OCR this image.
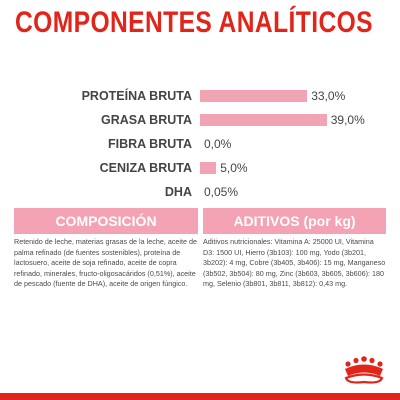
COMPONENTES ANALÍTICOS
PROTEÍNA BRUTA	33,0%
GRASA BRUTA	39,0%
FIBRA BRUTA 0,0%
CENIZA BRUTA 5,0%
DHA 0,05%
COMPOSICIÓN	ADITIVOS (por kg)
Retenido de leche, materias grasas de la leche, aceite de palma refinado (de fuentes sostenibles), proteína de lactosuero, aceite de soja refinado, aceite de copra refinado, minerales, fructo-oligosacáridos (0,51%), aceite de pescado (fuente de DHA), aceite de origen fúngico.
Aditivos nutricionales: Vitamina A: 25000 UI, Vitamina D3: 1500 UI, Hierro (3b103): 100 mg, Yodo (3b201, 3b202): 4 mg, Cobre (3b405, 3b406): 15 mg, Manganeso (3b502, 3b504): 80 mg, Zinc (3b603, 3b605, 3b606): 180 mg, Selenio (3b801, 3b811, 3b812): 0,43 mg.
